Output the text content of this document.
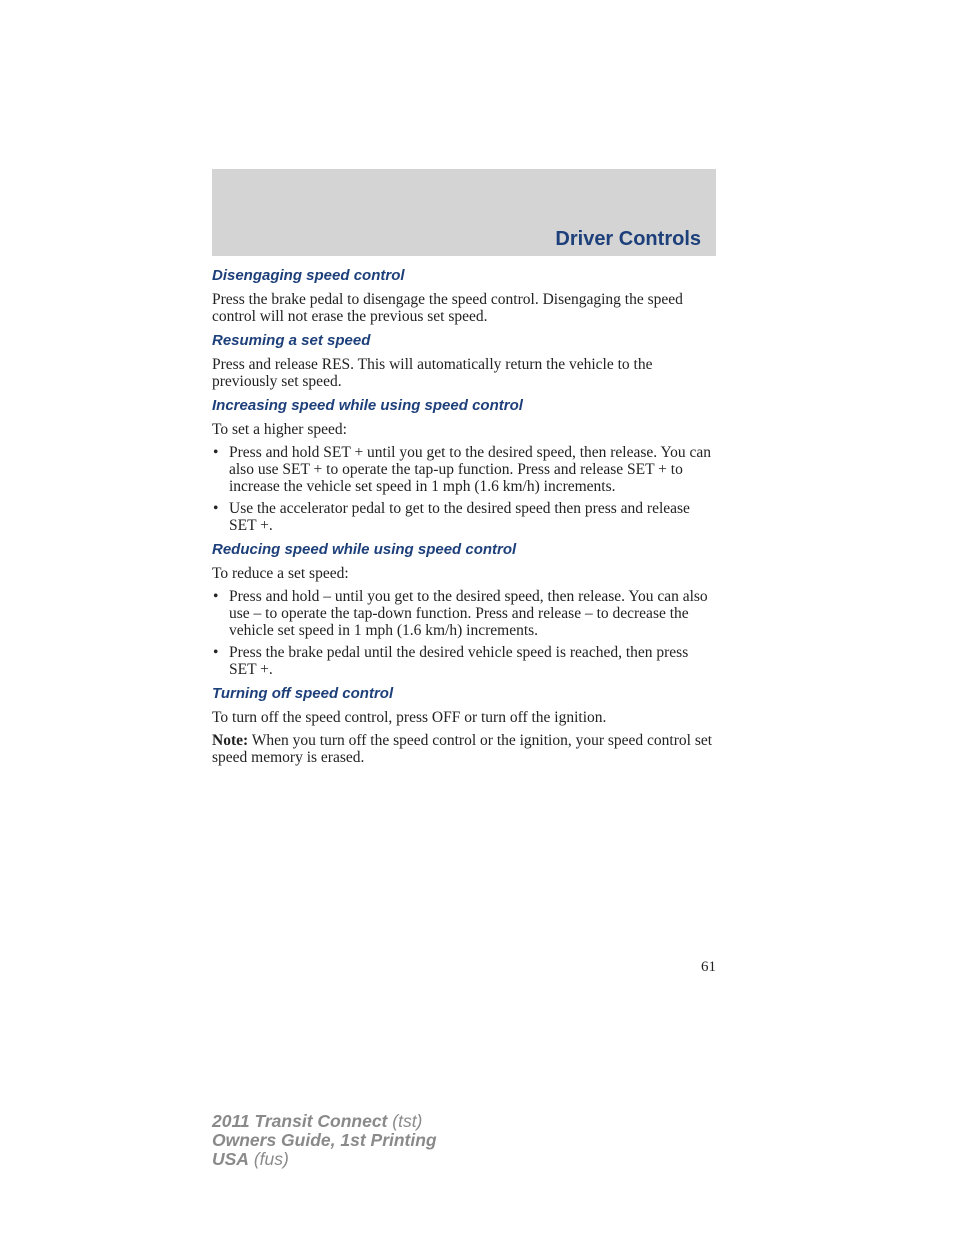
Driver Controls
Disengaging speed control

Press the brake pedal to disengage the speed control. Disengaging the speed control will not erase the previous set speed.

Resuming a set speed

Press and release RES. This will automatically return the vehicle to the previously set speed.

Increasing speed while using speed control

To set a higher speed:

• Press and hold SET + until you get to the desired speed, then release. You can also use SET + to operate the tap-up function. Press and release SET + to increase the vehicle set speed in 1 mph (1.6 km/h) increments.
• Use the accelerator pedal to get to the desired speed then press and release SET +.
Reducing speed while using speed control

To reduce a set speed:

• Press and hold – until you get to the desired speed, then release. You can also use – to operate the tap-down function. Press and release – to decrease the vehicle set speed in 1 mph (1.6 km/h) increments.
• Press the brake pedal until the desired vehicle speed is reached, then press SET +.
Turning off speed control

To turn off the speed control, press OFF or turn off the ignition.

Note: When you turn off the speed control or the ignition, your speed control set speed memory is erased.

61
2011 Transit Connect (tst)
Owners Guide, 1st Printing
USA (fus)
